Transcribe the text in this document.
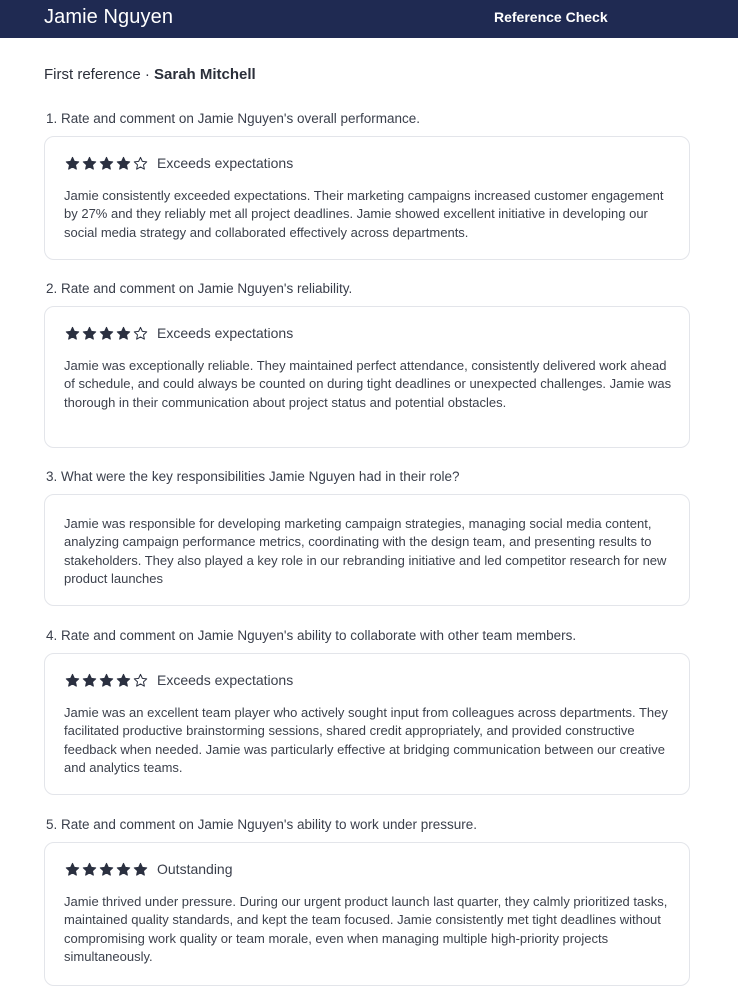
Jamie Nguyen	Reference Check
First reference · Sarah Mitchell
1. Rate and comment on Jamie Nguyen's overall performance.
Exceeds expectations

Jamie consistently exceeded expectations. Their marketing campaigns increased customer engagement by 27% and they reliably met all project deadlines. Jamie showed excellent initiative in developing our social media strategy and collaborated effectively across departments.

2. Rate and comment on Jamie Nguyen's reliability.
Exceeds expectations

Jamie was exceptionally reliable. They maintained perfect attendance, consistently delivered work ahead of schedule, and could always be counted on during tight deadlines or unexpected challenges. Jamie was thorough in their communication about project status and potential obstacles.

3. What were the key responsibilities Jamie Nguyen had in their role?

Jamie was responsible for developing marketing campaign strategies, managing social media content, analyzing campaign performance metrics, coordinating with the design team, and presenting results to stakeholders. They also played a key role in our rebranding initiative and led competitor research for new product launches

4. Rate and comment on Jamie Nguyen's ability to collaborate with other team members.
Exceeds expectations

Jamie was an excellent team player who actively sought input from colleagues across departments. They facilitated productive brainstorming sessions, shared credit appropriately, and provided constructive feedback when needed. Jamie was particularly effective at bridging communication between our creative and analytics teams.

5. Rate and comment on Jamie Nguyen's ability to work under pressure.
Outstanding

Jamie thrived under pressure. During our urgent product launch last quarter, they calmly prioritized tasks, maintained quality standards, and kept the team focused. Jamie consistently met tight deadlines without compromising work quality or team morale, even when managing multiple high-priority projects simultaneously.
